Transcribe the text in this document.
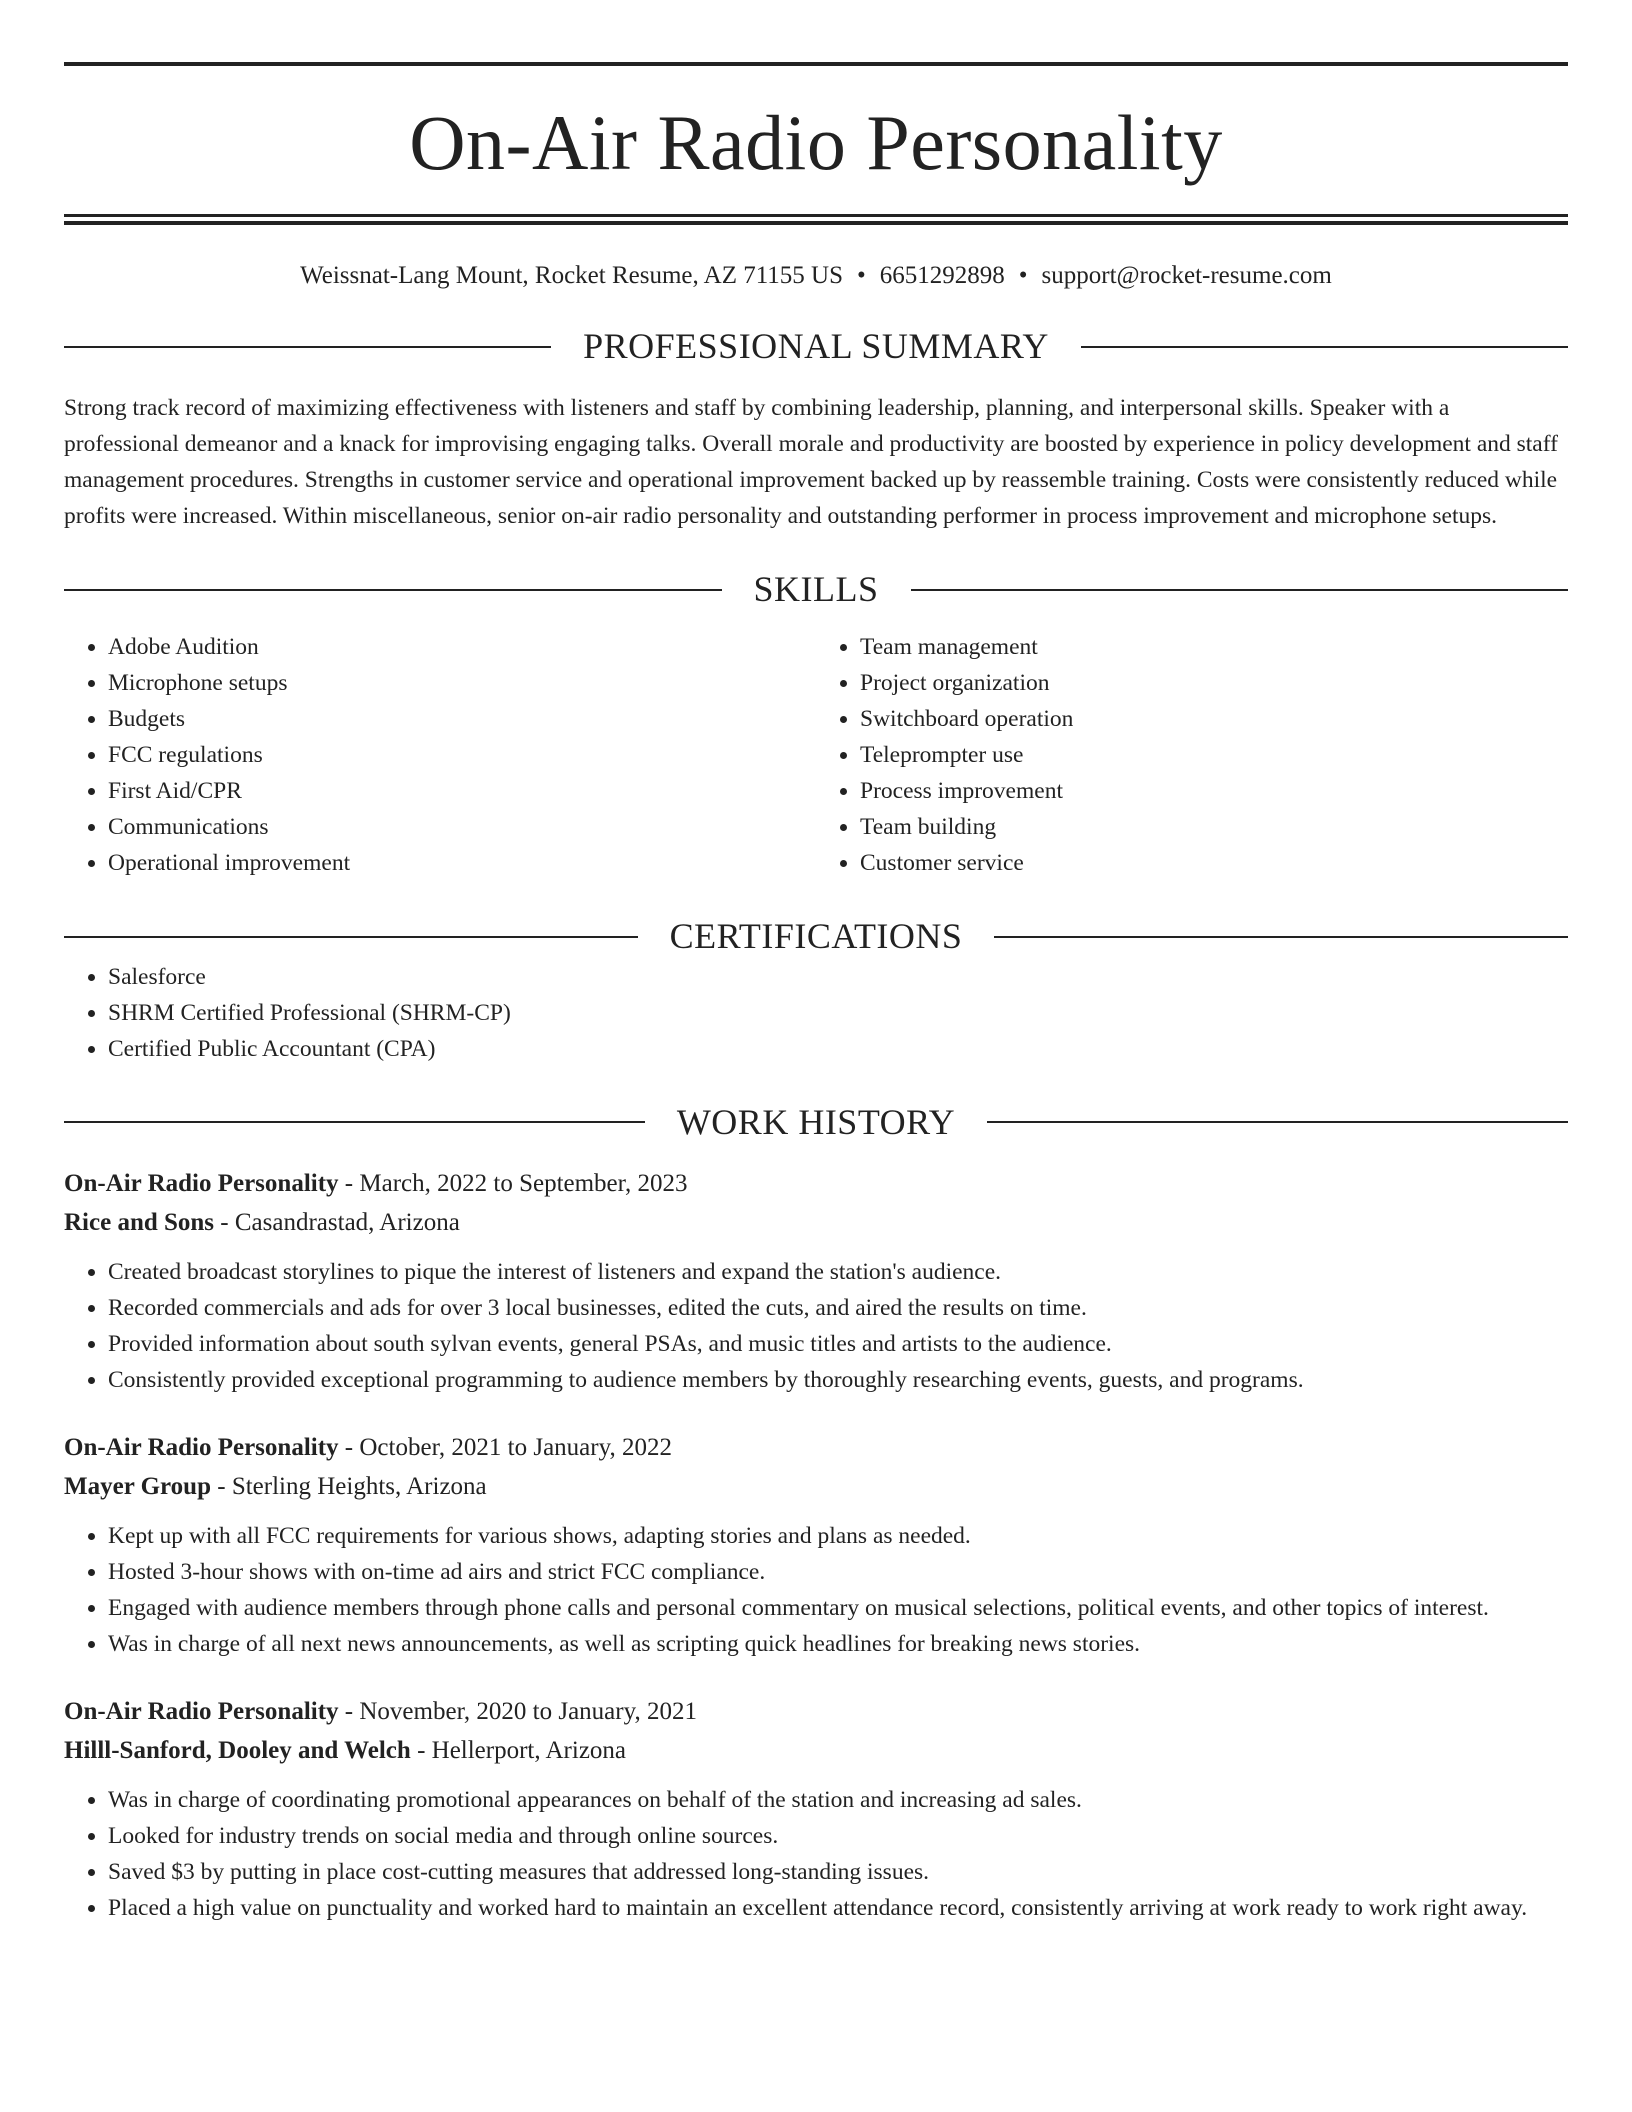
On-Air Radio Personality
Weissnat-Lang Mount, Rocket Resume, AZ 71155 US • 6651292898 • support@rocket-resume.com
PROFESSIONAL SUMMARY

Strong track record of maximizing effectiveness with listeners and staff by combining leadership, planning, and interpersonal skills. Speaker with a professional demeanor and a knack for improvising engaging talks. Overall morale and productivity are boosted by experience in policy development and staff management procedures. Strengths in customer service and operational improvement backed up by reassemble training. Costs were consistently reduced while profits were increased. Within miscellaneous, senior on-air radio personality and outstanding performer in process improvement and microphone setups.

SKILLS
• Adobe Audition
• Microphone setups
• Budgets
• FCC regulations
• First Aid/CPR
• Communications
• Operational improvement
• Team management
• Project organization
• Switchboard operation
• Teleprompter use
• Process improvement
• Team building
• Customer service
CERTIFICATIONS
• Salesforce
• SHRM Certified Professional (SHRM-CP)
• Certified Public Accountant (CPA)
WORK HISTORY
On-Air Radio Personality - March, 2022 to September, 2023
Rice and Sons - Casandrastad, Arizona
• Created broadcast storylines to pique the interest of listeners and expand the station's audience.
• Recorded commercials and ads for over 3 local businesses, edited the cuts, and aired the results on time.
• Provided information about south sylvan events, general PSAs, and music titles and artists to the audience.
• Consistently provided exceptional programming to audience members by thoroughly researching events, guests, and programs.
On-Air Radio Personality - October, 2021 to January, 2022
Mayer Group - Sterling Heights, Arizona
• Kept up with all FCC requirements for various shows, adapting stories and plans as needed.
• Hosted 3-hour shows with on-time ad airs and strict FCC compliance.
• Engaged with audience members through phone calls and personal commentary on musical selections, political events, and other topics of interest.
• Was in charge of all next news announcements, as well as scripting quick headlines for breaking news stories.
On-Air Radio Personality - November, 2020 to January, 2021
Hilll-Sanford, Dooley and Welch - Hellerport, Arizona
• Was in charge of coordinating promotional appearances on behalf of the station and increasing ad sales.
• Looked for industry trends on social media and through online sources.
• Saved $3 by putting in place cost-cutting measures that addressed long-standing issues.
• Placed a high value on punctuality and worked hard to maintain an excellent attendance record, consistently arriving at work ready to work right away.
